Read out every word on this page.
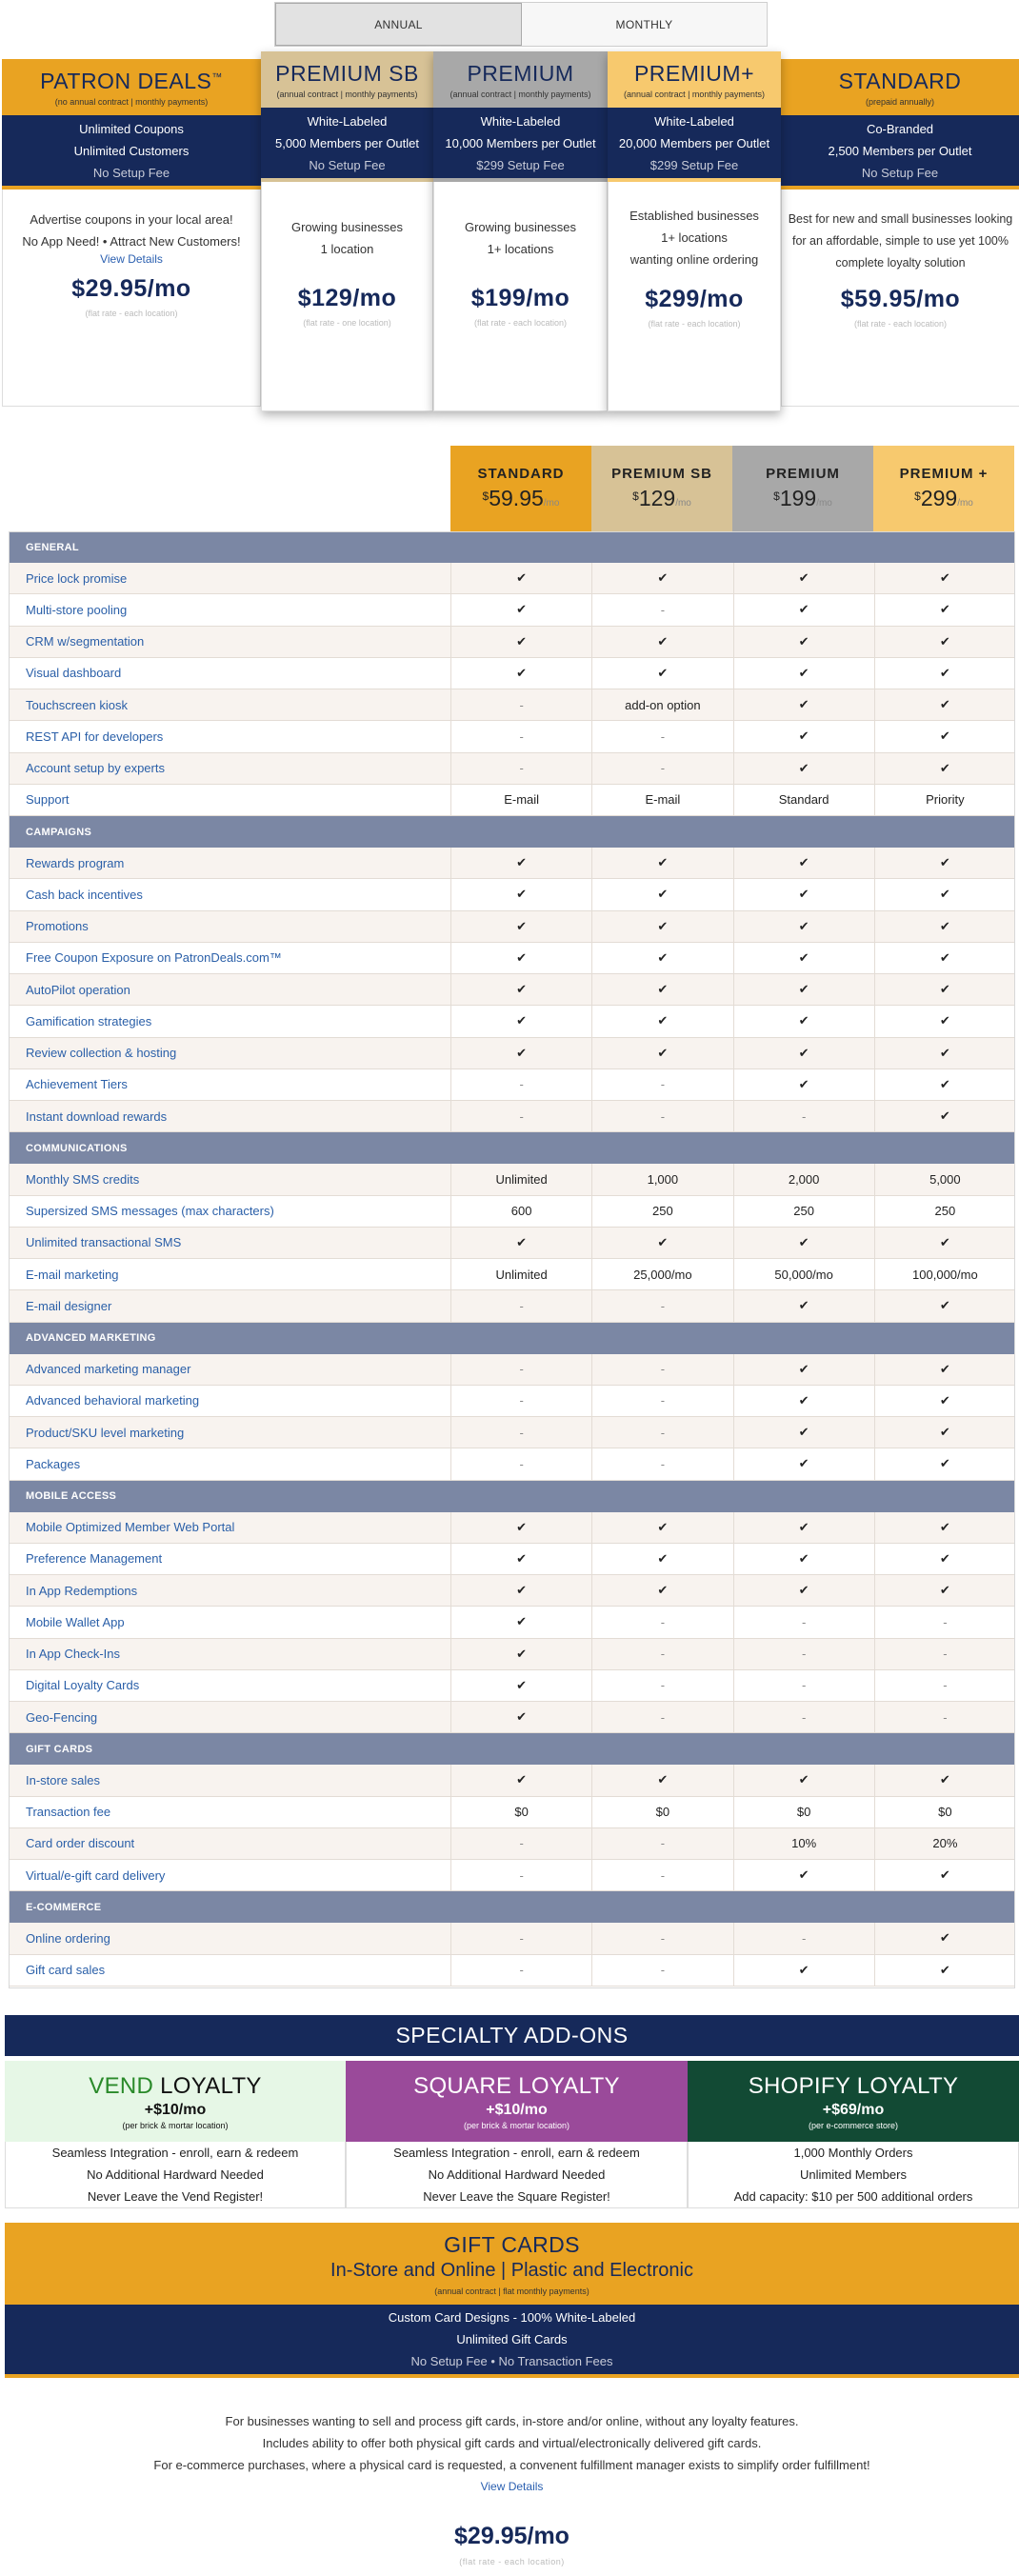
ANNUAL	MONTHLY
PATRON DEALS™
(no annual contract | monthly payments)
Unlimited Coupons
Unlimited Customers
No Setup Fee
Advertise coupons in your local area!
No App Need! • Attract New Customers!
View Details
$29.95/mo
(flat rate - each location)
PREMIUM SB
(annual contract | monthly payments)
White-Labeled
5,000 Members per Outlet
No Setup Fee
Growing businesses
1 location
$129/mo
(flat rate - one location)
PREMIUM
(annual contract | monthly payments)
White-Labeled
10,000 Members per Outlet
$299 Setup Fee
Growing businesses
1+ locations
$199/mo
(flat rate - each location)
PREMIUM+
(annual contract | monthly payments)
White-Labeled
20,000 Members per Outlet
$299 Setup Fee
Established businesses
1+ locations
wanting online ordering
$299/mo
(flat rate - each location)
STANDARD
(prepaid annually)
Co-Branded
2,500 Members per Outlet
No Setup Fee
Best for new and small businesses looking
for an affordable, simple to use yet 100%
complete loyalty solution
$59.95/mo
(flat rate - each location)
STANDARD
$59.95/mo
PREMIUM SB
$129/mo
PREMIUM
$199/mo
PREMIUM +
$299/mo
GENERAL
Price lock promise	✔	✔	✔	✔
Multi-store pooling	✔	-	✔	✔
CRM w/segmentation	✔	✔	✔	✔
Visual dashboard	✔	✔	✔	✔
Touchscreen kiosk	-	add-on option	✔	✔
REST API for developers	-	-	✔	✔
Account setup by experts	-	-	✔	✔
Support	E-mail	E-mail	Standard	Priority
CAMPAIGNS
Rewards program	✔	✔	✔	✔
Cash back incentives	✔	✔	✔	✔
Promotions	✔	✔	✔	✔
Free Coupon Exposure on PatronDeals.com™	✔	✔	✔	✔
AutoPilot operation	✔	✔	✔	✔
Gamification strategies	✔	✔	✔	✔
Review collection & hosting	✔	✔	✔	✔
Achievement Tiers	-	-	✔	✔
Instant download rewards	-	-	-	✔
COMMUNICATIONS
Monthly SMS credits	Unlimited	1,000	2,000	5,000
Supersized SMS messages (max characters)	600	250	250	250
Unlimited transactional SMS	✔	✔	✔	✔
E-mail marketing	Unlimited	25,000/mo	50,000/mo	100,000/mo
E-mail designer	-	-	✔	✔
ADVANCED MARKETING
Advanced marketing manager	-	-	✔	✔
Advanced behavioral marketing	-	-	✔	✔
Product/SKU level marketing	-	-	✔	✔
Packages	-	-	✔	✔
MOBILE ACCESS
Mobile Optimized Member Web Portal	✔	✔	✔	✔
Preference Management	✔	✔	✔	✔
In App Redemptions	✔	✔	✔	✔
Mobile Wallet App	✔	-	-	-
In App Check-Ins	✔	-	-	-
Digital Loyalty Cards	✔	-	-	-
Geo-Fencing	✔	-	-	-
GIFT CARDS
In-store sales	✔	✔	✔	✔
Transaction fee	$0	$0	$0	$0
Card order discount	-	-	10%	20%
Virtual/e-gift card delivery	-	-	✔	✔
E-COMMERCE
Online ordering	-	-	-	✔
Gift card sales	-	-	✔	✔
SPECIALTY ADD-ONS
VEND LOYALTY
+$10/mo
(per brick & mortar location)
Seamless Integration - enroll, earn & redeem
No Additional Hardward Needed
Never Leave the Vend Register!
SQUARE LOYALTY
+$10/mo
(per brick & mortar location)
Seamless Integration - enroll, earn & redeem
No Additional Hardward Needed
Never Leave the Square Register!
SHOPIFY LOYALTY
+$69/mo
(per e-commerce store)
1,000 Monthly Orders
Unlimited Members
Add capacity: $10 per 500 additional orders
GIFT CARDS
In-Store and Online | Plastic and Electronic
(annual contract | flat monthly payments)
Custom Card Designs - 100% White-Labeled
Unlimited Gift Cards
No Setup Fee • No Transaction Fees
For businesses wanting to sell and process gift cards, in-store and/or online, without any loyalty features.
Includes ability to offer both physical gift cards and virtual/electronically delivered gift cards.
For e-commerce purchases, where a physical card is requested, a convenent fulfillment manager exists to simplify order fulfillment!
View Details
$29.95/mo
(flat rate - each location)
